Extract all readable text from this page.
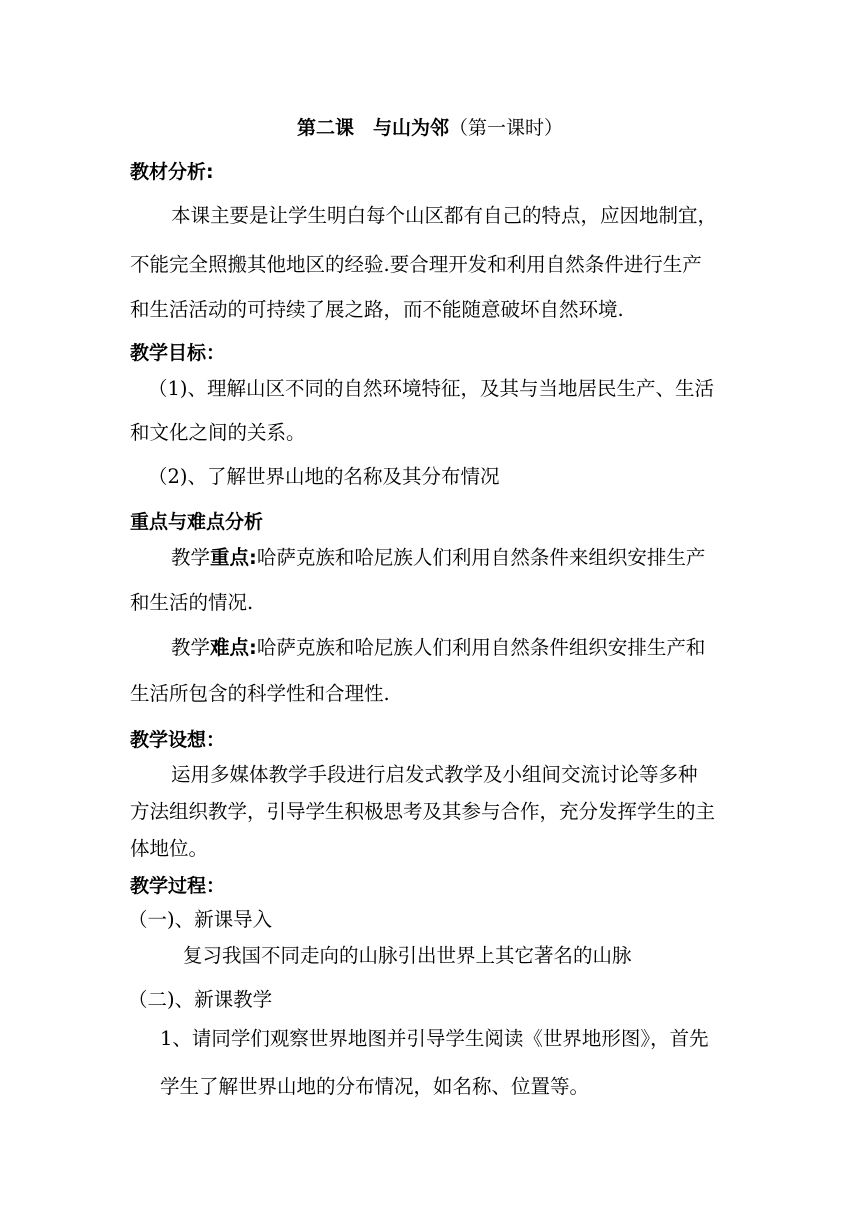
第二课　与山为邻（第一课时）
教材分析:
本课主要是让学生明白每个山区都有自己的特点，应因地制宜，
不能完全照搬其他地区的经验.要合理开发和利用自然条件进行生产
和生活活动的可持续了展之路，而不能随意破坏自然环境.
教学目标：
（1)、理解山区不同的自然环境特征，及其与当地居民生产、生活
和文化之间的关系。
（2)、了解世界山地的名称及其分布情况
重点与难点分析
教学重点:哈萨克族和哈尼族人们利用自然条件来组织安排生产
和生活的情况.
教学难点:哈萨克族和哈尼族人们利用自然条件组织安排生产和
生活所包含的科学性和合理性.
教学设想：
运用多媒体教学手段进行启发式教学及小组间交流讨论等多种
方法组织教学，引导学生积极思考及其参与合作，充分发挥学生的主
体地位。
教学过程：
（一)、新课导入
复习我国不同走向的山脉引出世界上其它著名的山脉
（二)、新课教学
1、请同学们观察世界地图并引导学生阅读《世界地形图》，首先
学生了解世界山地的分布情况，如名称、位置等。
